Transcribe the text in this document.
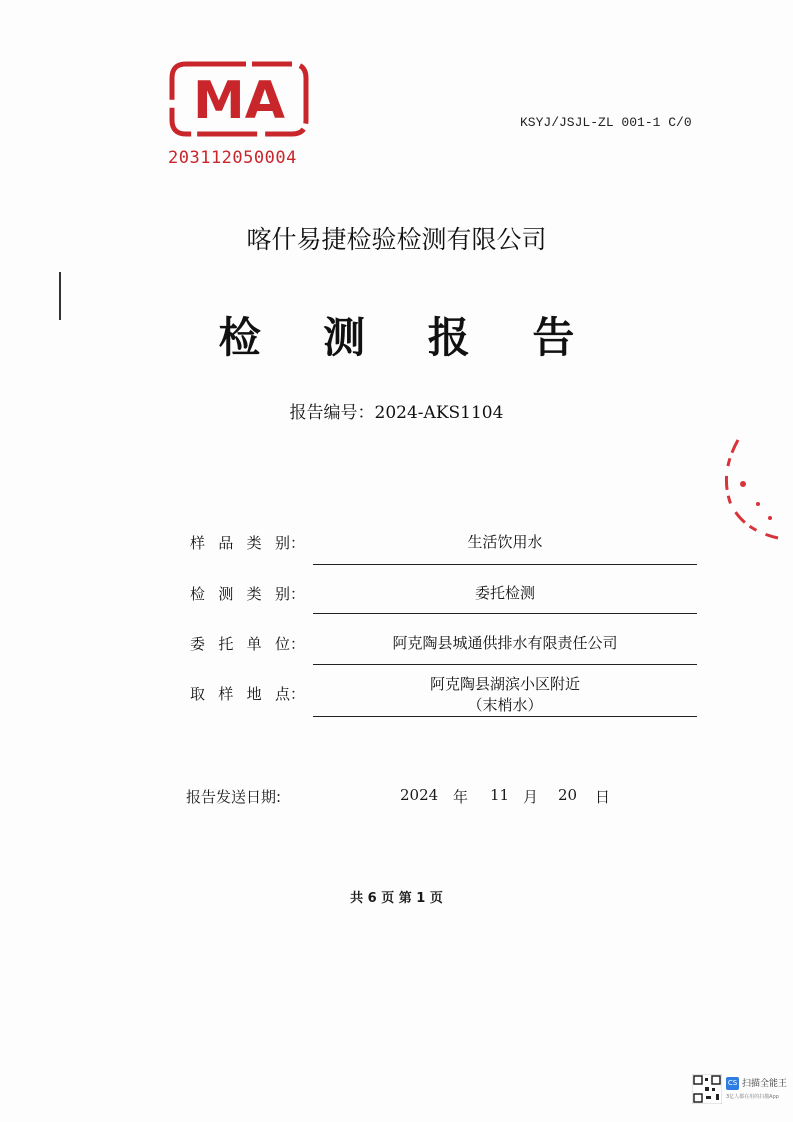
MA
203112050004
KSYJ/JSJL-ZL 001-1 C/0
喀什易捷检验检测有限公司
检 测 报 告
报告编号：2024-AKS1104
样品类别 ：	生活饮用水
检测类别 ：	委托检测
委托单位 ：	阿克陶县城通供排水有限责任公司
取样地点 ：
阿克陶县湖滨小区附近
（末梢水）
报告发送日期:	2024 年 11 月 20 日
共 6 页 第 1 页
CS 扫描全能王
3亿人都在用的扫描App
